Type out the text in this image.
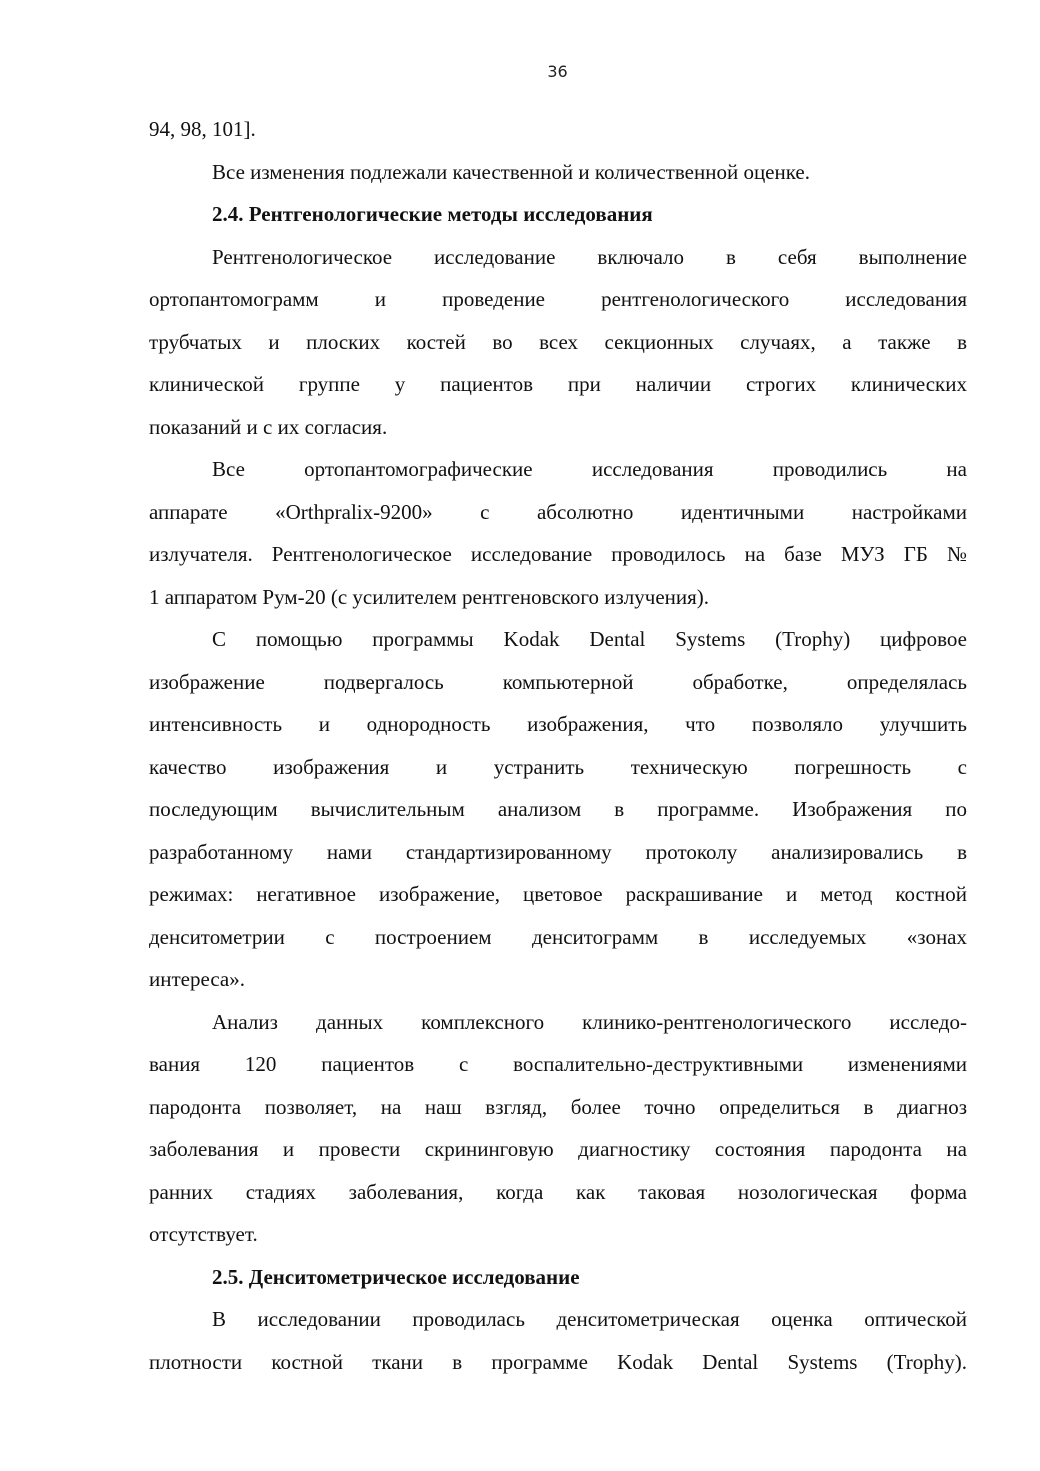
36
94, 98, 101].
Все изменения подлежали качественной и количественной оценке.
2.4. Рентгенологические методы исследования
Рентгенологическое исследование включало в себя выполнение
ортопантомограмм и проведение рентгенологического исследования
трубчатых и плоских костей во всех секционных случаях, а также в
клинической группе у пациентов при наличии строгих клинических
показаний и с их согласия.
Все ортопантомографические исследования проводились на
аппарате «Orthpralix-9200» с абсолютно идентичными настройками
излучателя. Рентгенологическое исследование проводилось на базе МУЗ ГБ №
1 аппаратом Рум-20 (с усилителем рентгеновского излучения).
С помощью программы Kodak Dental Systems (Trophy) цифровое
изображение подвергалось компьютерной обработке, определялась
интенсивность и однородность изображения, что позволяло улучшить
качество изображения и устранить техническую погрешность с
последующим вычислительным анализом в программе. Изображения по
разработанному нами стандартизированному протоколу анализировались в
режимах: негативное изображение, цветовое раскрашивание и метод костной
денситометрии с построением денситограмм в исследуемых «зонах
интереса».
Анализ данных комплексного клинико-рентгенологического исследо-
вания 120 пациентов с воспалительно-деструктивными изменениями
пародонта позволяет, на наш взгляд, более точно определиться в диагноз
заболевания и провести скрининговую диагностику состояния пародонта на
ранних стадиях заболевания, когда как таковая нозологическая форма
отсутствует.
2.5. Денситометрическое исследование
В исследовании проводилась денситометрическая оценка оптической
плотности костной ткани в программе Kodak Dental Systems (Trophy).
